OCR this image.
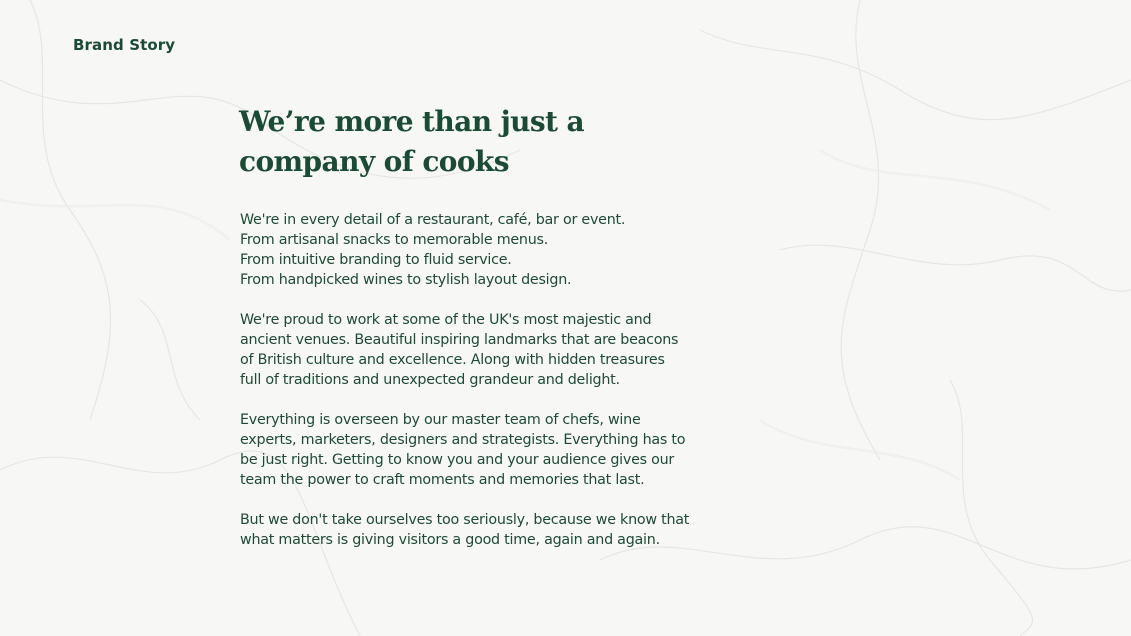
Brand Story

We’re more than just a
company of cooks

We're in every detail of a restaurant, café, bar or event.
From artisanal snacks to memorable menus.
From intuitive branding to fluid service.
From handpicked wines to stylish layout design.

We're proud to work at some of the UK's most majestic and
ancient venues. Beautiful inspiring landmarks that are beacons
of British culture and excellence. Along with hidden treasures
full of traditions and unexpected grandeur and delight.

Everything is overseen by our master team of chefs, wine
experts, marketers, designers and strategists. Everything has to
be just right. Getting to know you and your audience gives our
team the power to craft moments and memories that last.

But we don't take ourselves too seriously, because we know that
what matters is giving visitors a good time, again and again.
